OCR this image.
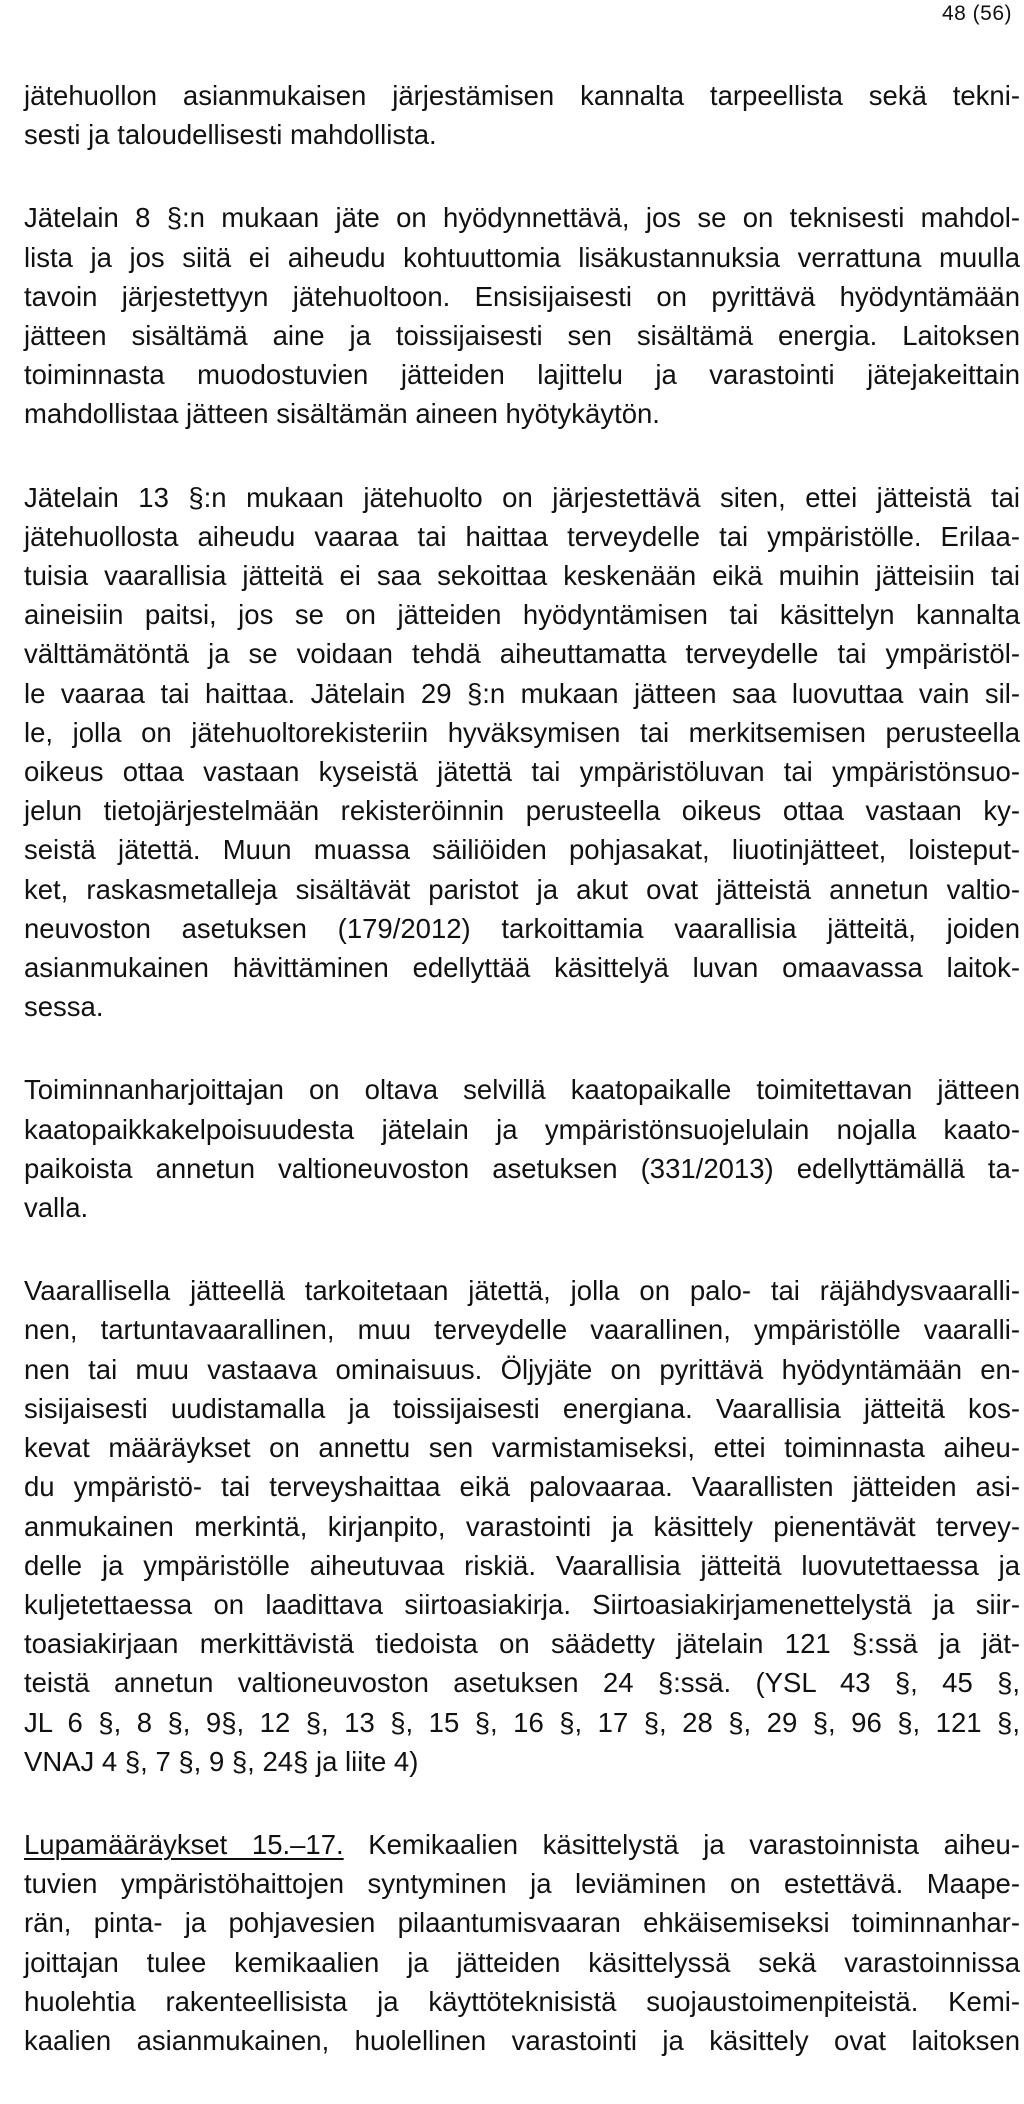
48 (56)

jätehuollon asianmukaisen järjestämisen kannalta tarpeellista sekä tekni-
sesti ja taloudellisesti mahdollista.

Jätelain 8 §:n mukaan jäte on hyödynnettävä, jos se on teknisesti mahdol-
lista ja jos siitä ei aiheudu kohtuuttomia lisäkustannuksia verrattuna muulla
tavoin järjestettyyn jätehuoltoon. Ensisijaisesti on pyrittävä hyödyntämään
jätteen sisältämä aine ja toissijaisesti sen sisältämä energia. Laitoksen
toiminnasta muodostuvien jätteiden lajittelu ja varastointi jätejakeittain
mahdollistaa jätteen sisältämän aineen hyötykäytön.

Jätelain 13 §:n mukaan jätehuolto on järjestettävä siten, ettei jätteistä tai
jätehuollosta aiheudu vaaraa tai haittaa terveydelle tai ympäristölle. Erilaa-
tuisia vaarallisia jätteitä ei saa sekoittaa keskenään eikä muihin jätteisiin tai
aineisiin paitsi, jos se on jätteiden hyödyntämisen tai käsittelyn kannalta
välttämätöntä ja se voidaan tehdä aiheuttamatta terveydelle tai ympäristöl-
le vaaraa tai haittaa. Jätelain 29 §:n mukaan jätteen saa luovuttaa vain sil-
le, jolla on jätehuoltorekisteriin hyväksymisen tai merkitsemisen perusteella
oikeus ottaa vastaan kyseistä jätettä tai ympäristöluvan tai ympäristönsuo-
jelun tietojärjestelmään rekisteröinnin perusteella oikeus ottaa vastaan ky-
seistä jätettä. Muun muassa säiliöiden pohjasakat, liuotinjätteet, loisteput-
ket, raskasmetalleja sisältävät paristot ja akut ovat jätteistä annetun valtio-
neuvoston asetuksen (179/2012) tarkoittamia vaarallisia jätteitä, joiden
asianmukainen hävittäminen edellyttää käsittelyä luvan omaavassa laitok-
sessa.

Toiminnanharjoittajan on oltava selvillä kaatopaikalle toimitettavan jätteen
kaatopaikkakelpoisuudesta jätelain ja ympäristönsuojelulain nojalla kaato-
paikoista annetun valtioneuvoston asetuksen (331/2013) edellyttämällä ta-
valla.

Vaarallisella jätteellä tarkoitetaan jätettä, jolla on palo- tai räjähdysvaaralli-
nen, tartuntavaarallinen, muu terveydelle vaarallinen, ympäristölle vaaralli-
nen tai muu vastaava ominaisuus. Öljyjäte on pyrittävä hyödyntämään en-
sisijaisesti uudistamalla ja toissijaisesti energiana. Vaarallisia jätteitä kos-
kevat määräykset on annettu sen varmistamiseksi, ettei toiminnasta aiheu-
du ympäristö- tai terveyshaittaa eikä palovaaraa. Vaarallisten jätteiden asi-
anmukainen merkintä, kirjanpito, varastointi ja käsittely pienentävät tervey-
delle ja ympäristölle aiheutuvaa riskiä. Vaarallisia jätteitä luovutettaessa ja
kuljetettaessa on laadittava siirtoasiakirja. Siirtoasiakirjamenettelystä ja siir-
toasiakirjaan merkittävistä tiedoista on säädetty jätelain 121 §:ssä ja jät-
teistä annetun valtioneuvoston asetuksen 24 §:ssä. (YSL 43 §, 45 §,
JL 6 §, 8 §, 9§, 12 §, 13 §, 15 §, 16 §, 17 §, 28 §, 29 §, 96 §, 121 §,
VNAJ 4 §, 7 §, 9 §, 24§ ja liite 4)

Lupamääräykset 15.–17. Kemikaalien käsittelystä ja varastoinnista aiheu-
tuvien ympäristöhaittojen syntyminen ja leviäminen on estettävä. Maape-
rän, pinta- ja pohjavesien pilaantumisvaaran ehkäisemiseksi toiminnanhar-
joittajan tulee kemikaalien ja jätteiden käsittelyssä sekä varastoinnissa
huolehtia rakenteellisista ja käyttöteknisistä suojaustoimenpiteistä. Kemi-
kaalien asianmukainen, huolellinen varastointi ja käsittely ovat laitoksen
